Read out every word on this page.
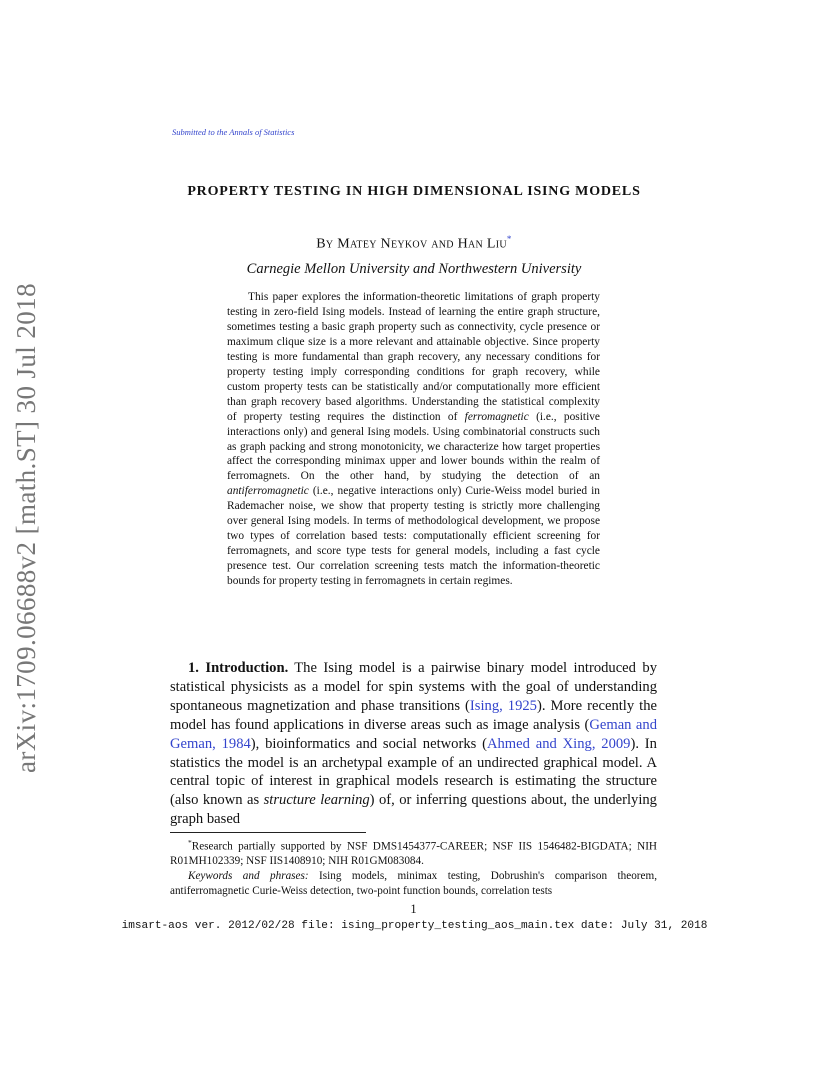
arXiv:1709.06688v2 [math.ST] 30 Jul 2018
Submitted to the Annals of Statistics
PROPERTY TESTING IN HIGH DIMENSIONAL ISING MODELS
By Matey Neykov and Han Liu*
Carnegie Mellon University and Northwestern University
This paper explores the information-theoretic limitations of graph property testing in zero-field Ising models. Instead of learning the entire graph structure, sometimes testing a basic graph property such as connectivity, cycle presence or maximum clique size is a more relevant and attainable objective. Since property testing is more fundamental than graph recovery, any necessary conditions for property testing imply corresponding conditions for graph recovery, while custom property tests can be statistically and/or computationally more efficient than graph recovery based algorithms. Understanding the statistical complexity of property testing requires the distinction of ferromagnetic (i.e., positive interactions only) and general Ising models. Using combinatorial constructs such as graph packing and strong monotonicity, we characterize how target properties affect the corresponding minimax upper and lower bounds within the realm of ferromagnets. On the other hand, by studying the detection of an antiferromagnetic (i.e., negative interactions only) Curie-Weiss model buried in Rademacher noise, we show that property testing is strictly more challenging over general Ising models. In terms of methodological development, we propose two types of correlation based tests: computationally efficient screening for ferromagnets, and score type tests for general models, including a fast cycle presence test. Our correlation screening tests match the information-theoretic bounds for property testing in ferromagnets in certain regimes.
1. Introduction. The Ising model is a pairwise binary model introduced by statistical physicists as a model for spin systems with the goal of understanding spontaneous magnetization and phase transitions (Ising, 1925). More recently the model has found applications in diverse areas such as image analysis (Geman and Geman, 1984), bioinformatics and social networks (Ahmed and Xing, 2009). In statistics the model is an archetypal example of an undirected graphical model. A central topic of interest in graphical models research is estimating the structure (also known as structure learning) of, or inferring questions about, the underlying graph based

*Research partially supported by NSF DMS1454377-CAREER; NSF IIS 1546482-BIGDATA; NIH R01MH102339; NSF IIS1408910; NIH R01GM083084.

Keywords and phrases: Ising models, minimax testing, Dobrushin's comparison theorem, antiferromagnetic Curie-Weiss detection, two-point function bounds, correlation tests

1
imsart-aos ver. 2012/02/28 file: ising_property_testing_aos_main.tex date: July 31, 2018
